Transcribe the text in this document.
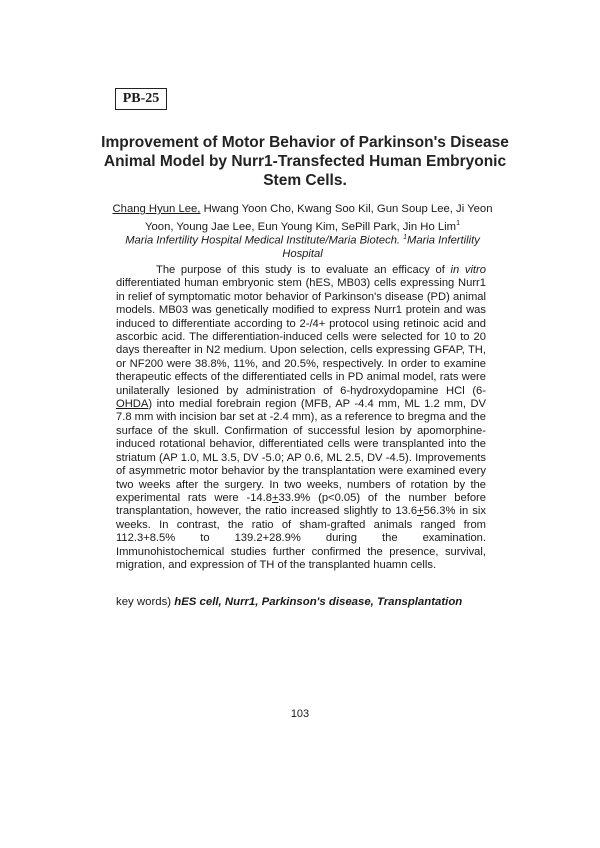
PB-25
Improvement of Motor Behavior of Parkinson's Disease Animal Model by Nurr1-Transfected Human Embryonic Stem Cells.
Chang Hyun Lee, Hwang Yoon Cho, Kwang Soo Kil, Gun Soup Lee, Ji Yeon Yoon, Young Jae Lee, Eun Young Kim, SePill Park, Jin Ho Lim$^1$
Maria Infertility Hospital Medical Institute/Maria Biotech. $^1$Maria Infertility Hospital
The purpose of this study is to evaluate an efficacy of in vitro differentiated human embryonic stem (hES, MB03) cells expressing Nurr1 in relief of symptomatic motor behavior of Parkinson's disease (PD) animal models. MB03 was genetically modified to express Nurr1 protein and was induced to differentiate according to 2-/4+ protocol using retinoic acid and ascorbic acid. The differentiation-induced cells were selected for 10 to 20 days thereafter in N2 medium. Upon selection, cells expressing GFAP, TH, or NF200 were 38.8%, 11%, and 20.5%, respectively. In order to examine therapeutic effects of the differentiated cells in PD animal model, rats were unilaterally lesioned by administration of 6-hydroxydopamine HCl (6-OHDA) into medial forebrain region (MFB, AP -4.4 mm, ML 1.2 mm, DV 7.8 mm with incision bar set at -2.4 mm), as a reference to bregma and the surface of the skull. Confirmation of successful lesion by apomorphine-induced rotational behavior, differentiated cells were transplanted into the striatum (AP 1.0, ML 3.5, DV -5.0; AP 0.6, ML 2.5, DV -4.5). Improvements of asymmetric motor behavior by the transplantation were examined every two weeks after the surgery. In two weeks, numbers of rotation by the experimental rats were -14.8+33.9% (p<0.05) of the number before transplantation, however, the ratio increased slightly to 13.6+56.3% in six weeks. In contrast, the ratio of sham-grafted animals ranged from 112.3+8.5% to 139.2+28.9% during the examination. Immunohistochemical studies further confirmed the presence, survival, migration, and expression of TH of the transplanted huamn cells.
key words) hES cell, Nurr1, Parkinson's disease, Transplantation
103
